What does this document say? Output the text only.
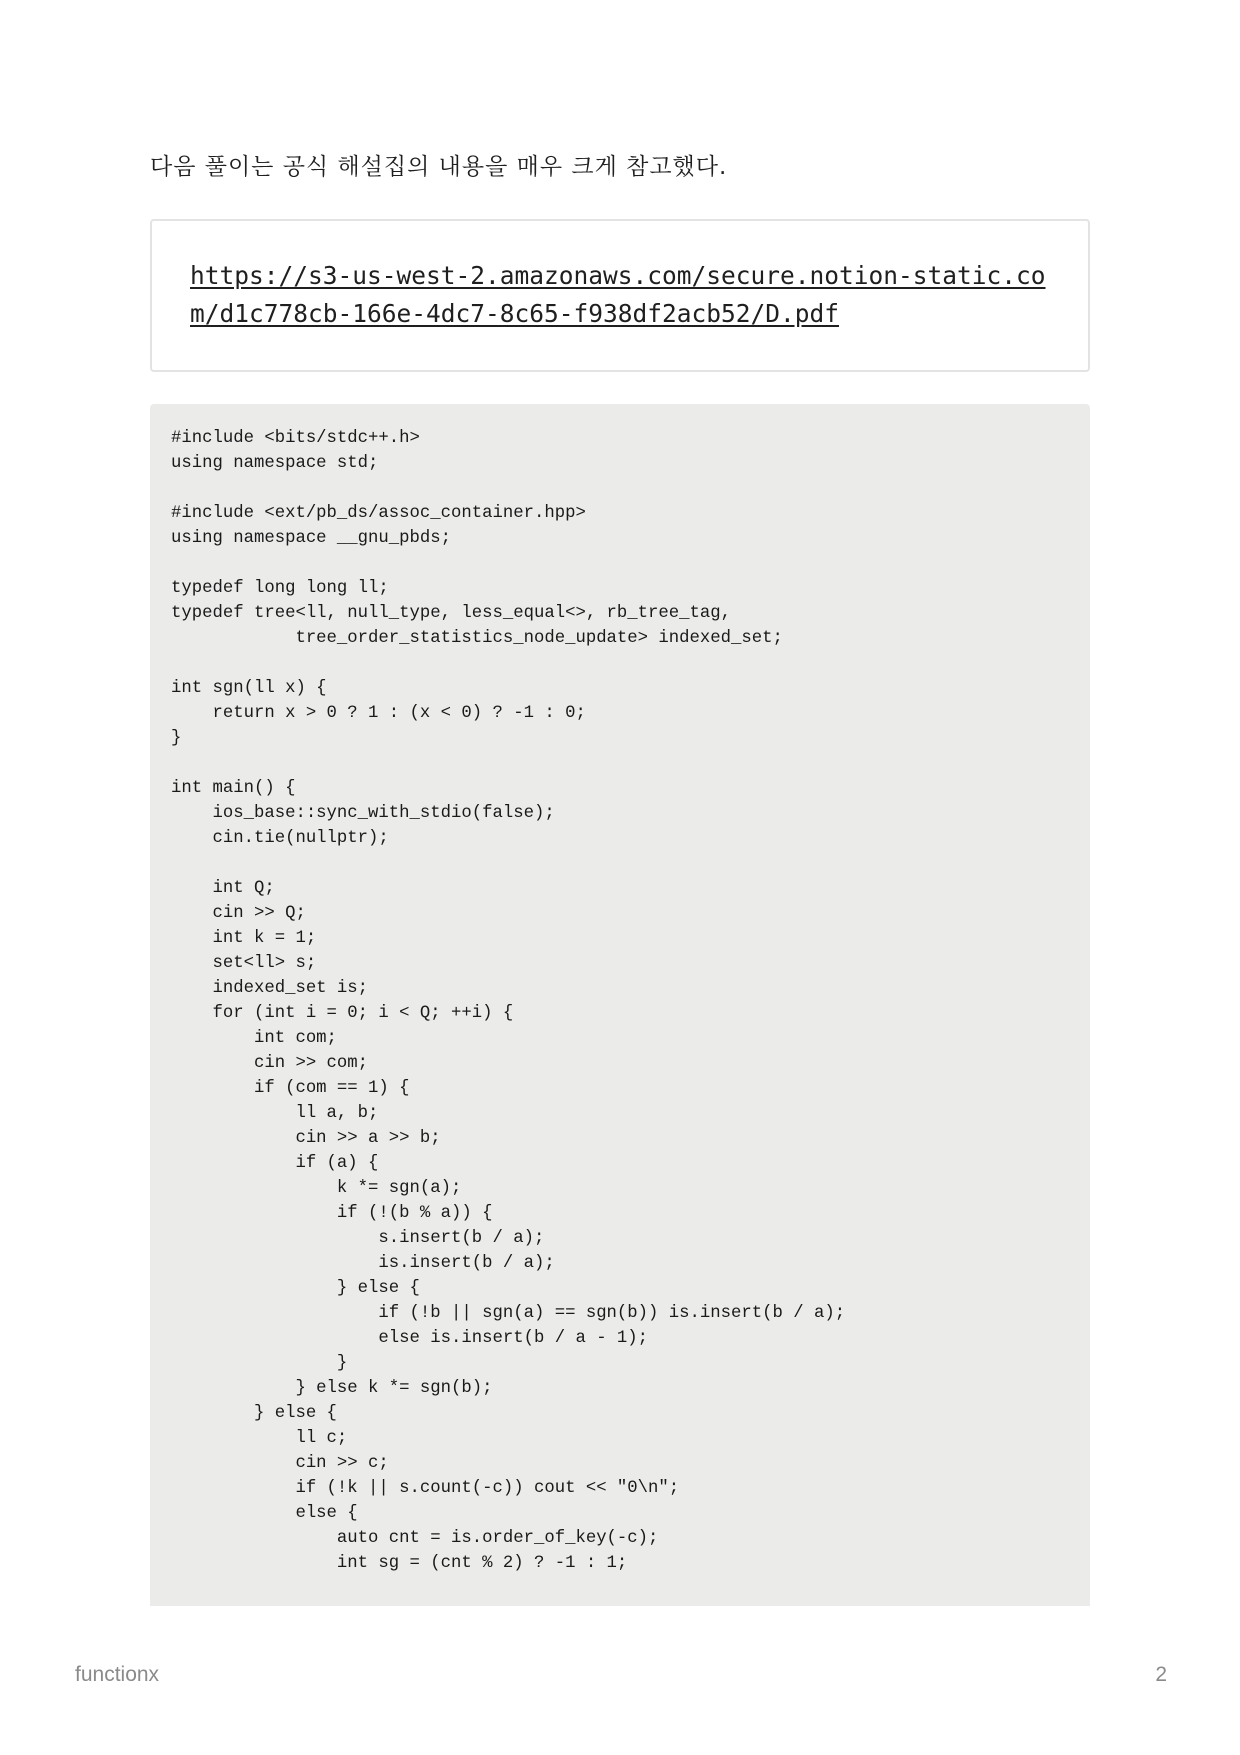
다음 풀이는 공식 해설집의 내용을 매우 크게 참고했다.
https://s3-us-west-2.amazonaws.com/secure.notion-static.com/d1c778cb-166e-4dc7-8c65-f938df2acb52/D.pdf
#include <bits/stdc++.h>
using namespace std;

#include <ext/pb_ds/assoc_container.hpp>
using namespace __gnu_pbds;

typedef long long ll;
typedef tree<ll, null_type, less_equal<>, rb_tree_tag,
tree_order_statistics_node_update> indexed_set;

int sgn(ll x) {
return x > 0 ? 1 : (x < 0) ? -1 : 0;
}

int main() {
ios_base::sync_with_stdio(false);
cin.tie(nullptr);

int Q;
cin >> Q;
int k = 1;
set<ll> s;
indexed_set is;
for (int i = 0; i < Q; ++i) {
int com;
cin >> com;
if (com == 1) {
ll a, b;
cin >> a >> b;
if (a) {
k *= sgn(a);
if (!(b % a)) {
s.insert(b / a);
is.insert(b / a);
} else {
if (!b || sgn(a) == sgn(b)) is.insert(b / a);
else is.insert(b / a - 1);
}
} else k *= sgn(b);
} else {
ll c;
cin >> c;
if (!k || s.count(-c)) cout << "0\n";
else {
auto cnt = is.order_of_key(-c);
int sg = (cnt % 2) ? -1 : 1;
functionx	2
